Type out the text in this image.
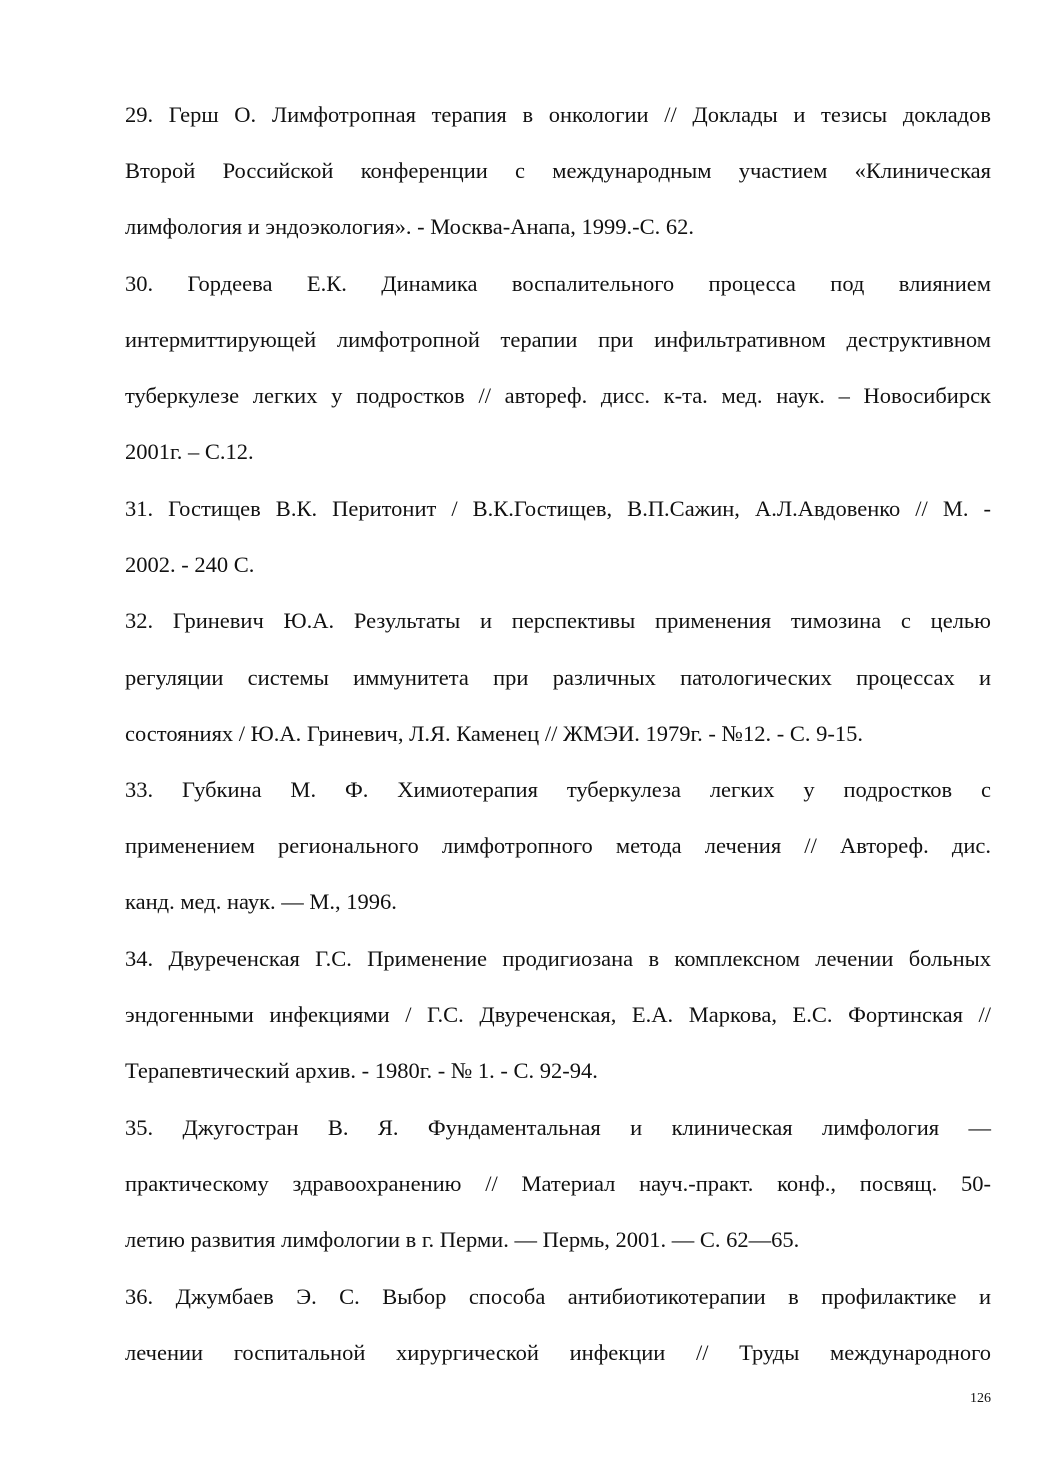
29. Герш О. Лимфотропная терапия в онкологии // Доклады и тезисы докладов
Второй Российской конференции с международным участием «Клиническая
лимфология и эндоэкология». - Москва-Анапа, 1999.-С. 62.
30. Гордеева Е.К. Динамика воспалительного процесса под влиянием
интермиттирующей лимфотропной терапии при инфильтративном деструктивном
туберкулезе легких у подростков // автореф. дисс. к-та. мед. наук. – Новосибирск
2001г. – С.12.
31. Гостищев В.К. Перитонит / В.К.Гостищев, В.П.Сажин, А.Л.Авдовенко // М. -
2002. - 240 С.
32. Гриневич Ю.А. Результаты и перспективы применения тимозина с целью
регуляции системы иммунитета при различных патологических процессах и
состояниях / Ю.А. Гриневич, Л.Я. Каменец // ЖМЭИ. 1979г. - №12. - С. 9-15.
33. Губкина М. Ф. Химиотерапия туберкулеза легких у подростков с
применением регионального лимфотропного метода лечения // Автореф. дис.
канд. мед. наук. — М., 1996.
34. Двуреченская Г.С. Применение продигиозана в комплексном лечении больных
эндогенными инфекциями / Г.С. Двуреченская, Е.А. Маркова, Е.С. Фортинская //
Терапевтический архив. - 1980г. - № 1. - С. 92-94.
35. Джугостран В. Я. Фундаментальная и клиническая лимфология —
практическому здравоохранению // Материал науч.-практ. конф., посвящ. 50-
летию развития лимфологии в г. Перми. — Пермь, 2001. — С. 62—65.
36. Джумбаев Э. С. Выбор способа антибиотикотерапии в профилактике и
лечении госпитальной хирургической инфекции // Труды международного
126
